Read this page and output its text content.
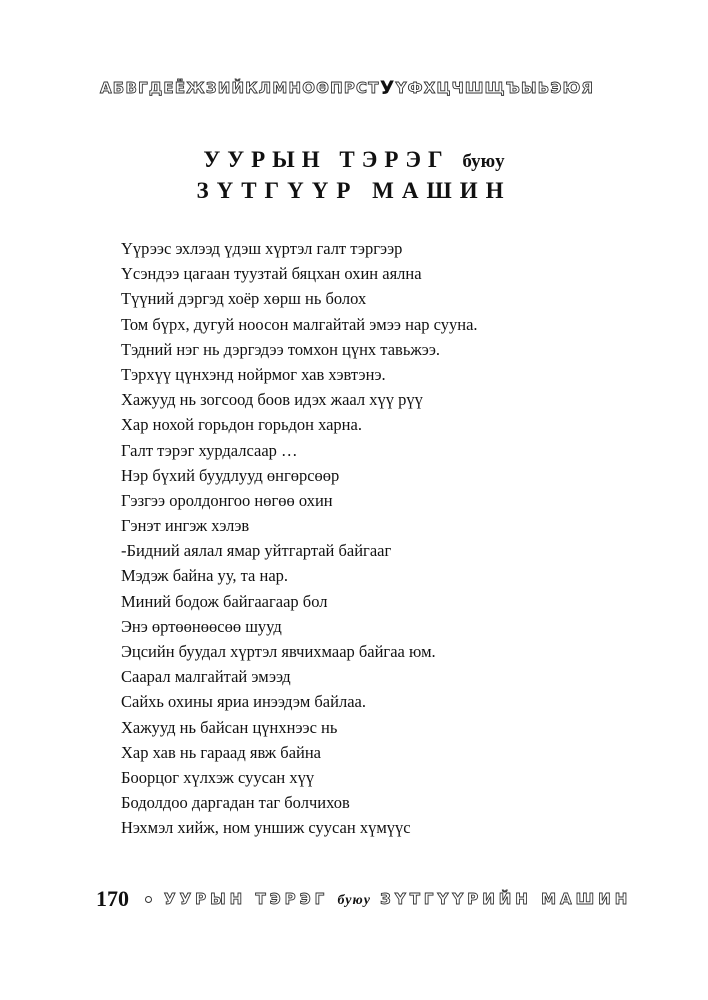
АБВГДЕЁЖЗИЙКЛМНОӨПРСТУҮФХЦЧШЩЪЫЬЭЮЯ
УУРЫН ТЭРЭГ буюу
ЗҮТГҮҮР МАШИН
Үүрээс эхлээд үдэш хүртэл галт тэргээр
Үсэндээ цагаан туузтай бяцхан охин аялна
Түүний дэргэд хоёр хөрш нь болох
Том бүрх, дугуй ноосон малгайтай эмээ нар сууна.
Тэдний нэг нь дэргэдээ томхон цүнх тавьжээ.
Тэрхүү цүнхэнд нойрмог хав хэвтэнэ.
Хажууд нь зогсоод боов идэх жаал хүү рүү
Хар нохой горьдон горьдон харна.
Галт тэрэг хурдалсаар …
Нэр бүхий буудлууд өнгөрсөөр
Гэзгээ оролдонгоо нөгөө охин
Гэнэт ингэж хэлэв
-Бидний аялал ямар уйтгартай байгааг
Мэдэж байна уу, та нар.
Миний бодож байгаагаар бол
Энэ өртөөнөөсөө шууд
Эцсийн буудал хүртэл явчихмаар байгаа юм.
Саарал малгайтай эмээд
Сайхь охины яриа инээдэм байлаа.
Хажууд нь байсан цүнхнээс нь
Хар хав нь гараад явж байна
Боорцог хүлхэж суусан хүү
Бодолдоо даргадан таг болчихов
Нэхмэл хийж, ном уншиж суусан хүмүүс
170 УУРЫН ТЭРЭГ буюу ЗҮТГҮҮРИЙН МАШИН
